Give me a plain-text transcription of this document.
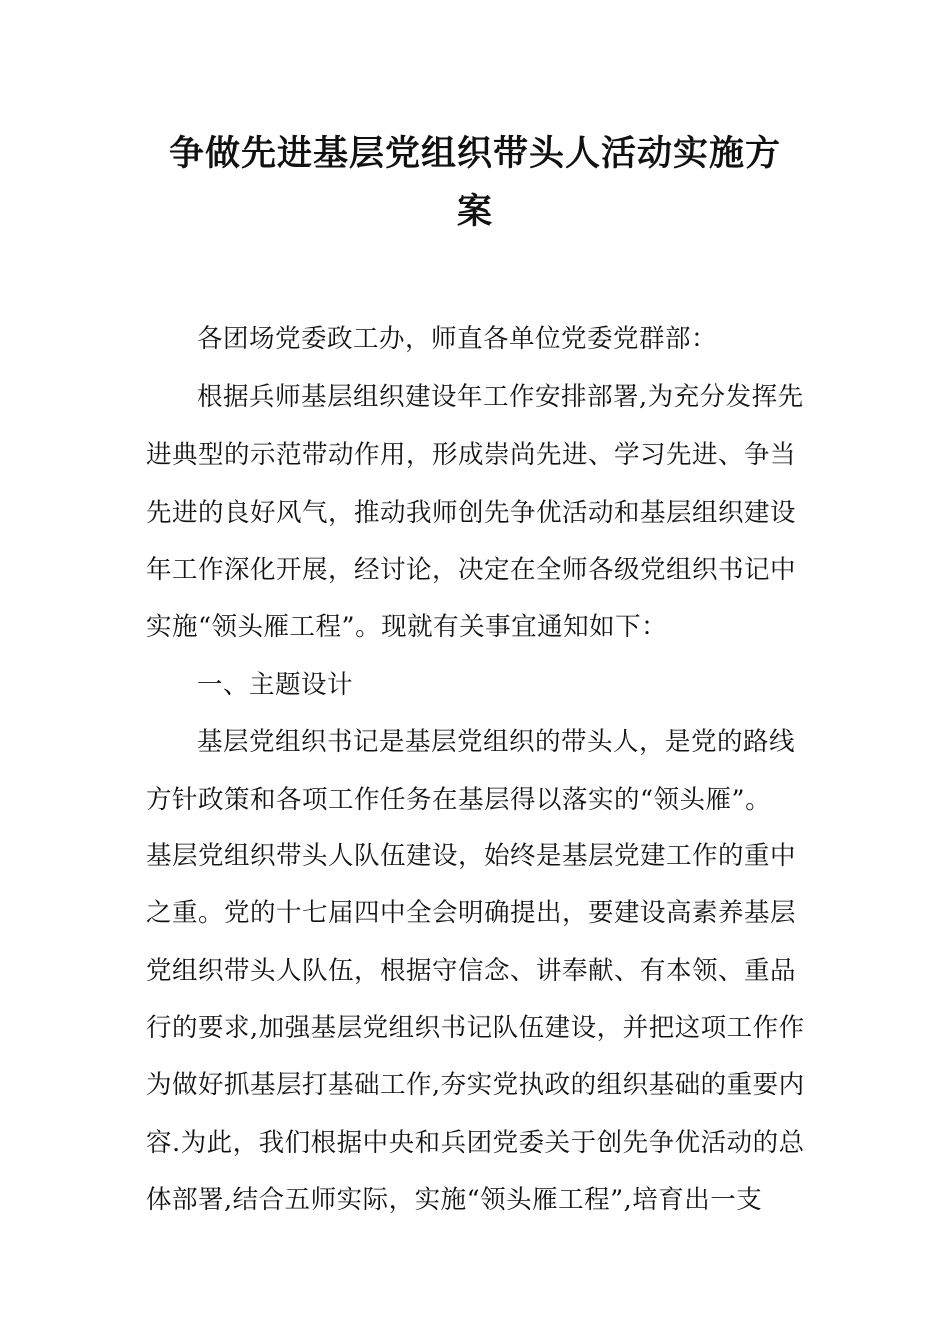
争做先进基层党组织带头人活动实施方
案
各团场党委政工办，师直各单位党委党群部：
根据兵师基层组织建设年工作安排部署,为充分发挥先
进典型的示范带动作用，形成崇尚先进、学习先进、争当
先进的良好风气，推动我师创先争优活动和基层组织建设
年工作深化开展，经讨论，决定在全师各级党组织书记中
实施“领头雁工程”。现就有关事宜通知如下：
一、主题设计
基层党组织书记是基层党组织的带头人，是党的路线
方针政策和各项工作任务在基层得以落实的“领头雁”。
基层党组织带头人队伍建设，始终是基层党建工作的重中
之重。党的十七届四中全会明确提出，要建设高素养基层
党组织带头人队伍，根据守信念、讲奉献、有本领、重品
行的要求,加强基层党组织书记队伍建设，并把这项工作作
为做好抓基层打基础工作,夯实党执政的组织基础的重要内
容.为此，我们根据中央和兵团党委关于创先争优活动的总
体部署,结合五师实际，实施“领头雁工程”,培育出一支
